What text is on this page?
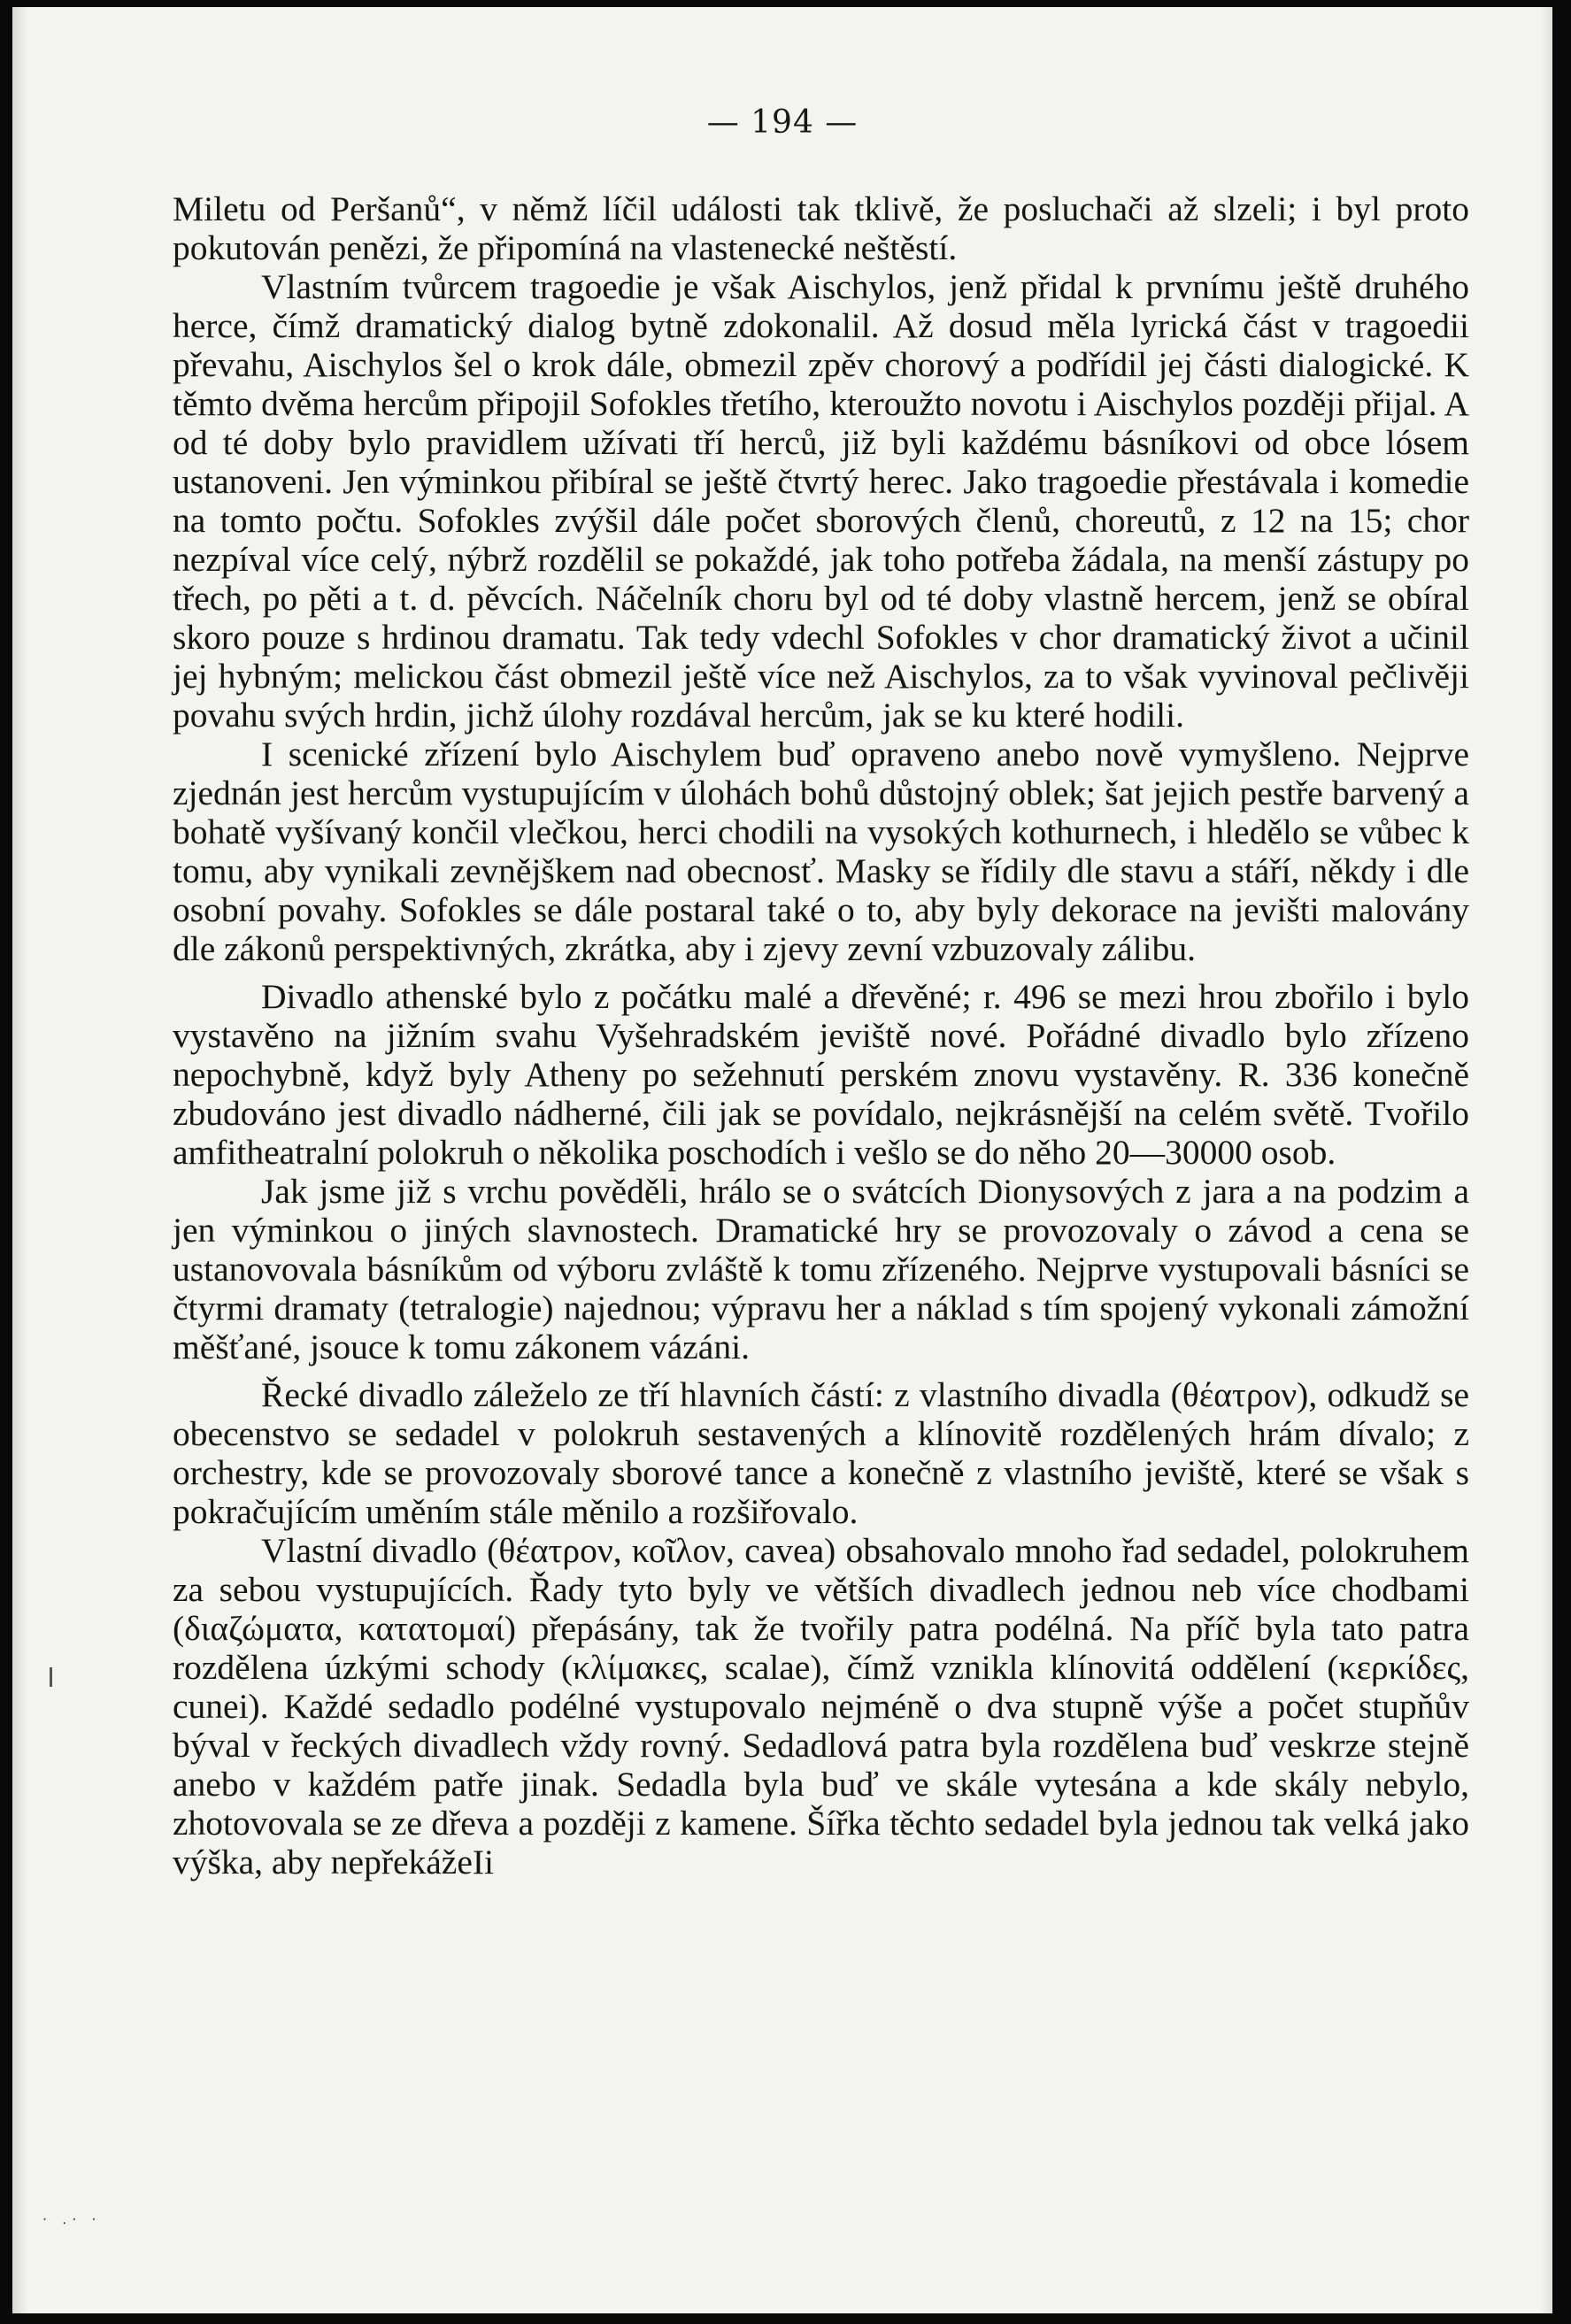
— 194 —

Miletu od Peršanů“, v němž líčil události tak tklivě, že posluchači až slzeli; i byl proto pokutován penězi, že připomíná na vlastenecké neštěstí.

Vlastním tvůrcem tragoedie je však Aischylos, jenž přidal k prvnímu ještě druhého herce, čímž dramatický dialog bytně zdokonalil. Až dosud měla lyrická část v tragoedii převahu, Aischylos šel o krok dále, obmezil zpěv chorový a podřídil jej části dialogické. K těmto dvěma hercům připojil Sofokles třetího, kteroužto novotu i Aischylos později přijal. A od té doby bylo pravidlem užívati tří herců, již byli každému básníkovi od obce lósem ustanoveni. Jen výminkou přibíral se ještě čtvrtý herec. Jako tragoedie přestávala i komedie na tomto počtu. Sofokles zvýšil dále počet sborových členů, choreutů, z 12 na 15; chor nezpíval více celý, nýbrž rozdělil se pokaždé, jak toho potřeba žádala, na menší zástupy po třech, po pěti a t. d. pěvcích. Náčelník choru byl od té doby vlastně hercem, jenž se obíral skoro pouze s hrdinou dramatu. Tak tedy vdechl Sofokles v chor dramatický život a učinil jej hybným; melickou část obmezil ještě více než Aischylos, za to však vyvinoval pečlivěji povahu svých hrdin, jichž úlohy rozdával hercům, jak se ku které hodili.

I scenické zřízení bylo Aischylem buď opraveno anebo nově vymyšleno. Nejprve zjednán jest hercům vystupujícím v úlohách bohů důstojný oblek; šat jejich pestře barvený a bohatě vyšívaný končil vlečkou, herci chodili na vysokých kothurnech, i hledělo se vůbec k tomu, aby vynikali zevnějškem nad obecnosť. Masky se řídily dle stavu a stáří, někdy i dle osobní povahy. Sofokles se dále postaral také o to, aby byly dekorace na jevišti malovány dle zákonů perspektivných, zkrátka, aby i zjevy zevní vzbuzovaly zálibu.

Divadlo athenské bylo z počátku malé a dřevěné; r. 496 se mezi hrou zbořilo i bylo vystavěno na jižním svahu Vyšehradském jeviště nové. Pořádné divadlo bylo zřízeno nepochybně, když byly Atheny po sežehnutí perském znovu vystavěny. R. 336 konečně zbudováno jest divadlo nádherné, čili jak se povídalo, nejkrásnější na celém světě. Tvořilo amfitheatralní polokruh o několika poschodích i vešlo se do něho 20—30000 osob.

Jak jsme již s vrchu pověděli, hrálo se o svátcích Dionysových z jara a na podzim a jen výminkou o jiných slavnostech. Dramatické hry se provozovaly o závod a cena se ustanovovala básníkům od výboru zvláště k tomu zřízeného. Nejprve vystupovali básníci se čtyrmi dramaty (tetralogie) najednou; výpravu her a náklad s tím spojený vykonali zámožní měšťané, jsouce k tomu zákonem vázáni.

Řecké divadlo záleželo ze tří hlavních částí: z vlastního divadla (θέατρον), odkudž se obecenstvo se sedadel v polokruh sestavených a klínovitě rozdělených hrám dívalo; z orchestry, kde se provozovaly sborové tance a konečně z vlastního jeviště, které se však s pokračujícím uměním stále měnilo a rozšiřovalo.

Vlastní divadlo (θέατρον, κοῖλον, cavea) obsahovalo mnoho řad sedadel, polokruhem za sebou vystupujících. Řady tyto byly ve větších divadlech jednou neb více chodbami (διαζώματα, κατατομαί) přepásány, tak že tvořily patra podélná. Na příč byla tato patra rozdělena úzkými schody (κλίμακες, scalae), čímž vznikla klínovitá oddělení (κερκίδες, cunei). Každé sedadlo podélné vystupovalo nejméně o dva stupně výše a počet stupňův býval v řeckých divadlech vždy rovný. Sedadlová patra byla rozdělena buď veskrze stejně anebo v každém patře jinak. Sedadla byla buď ve skále vytesána a kde skály nebylo, zhotovovala se ze dřeva a později z kamene. Šířka těchto sedadel byla jednou tak velká jako výška, aby nepřekážeIi

· .· ·
